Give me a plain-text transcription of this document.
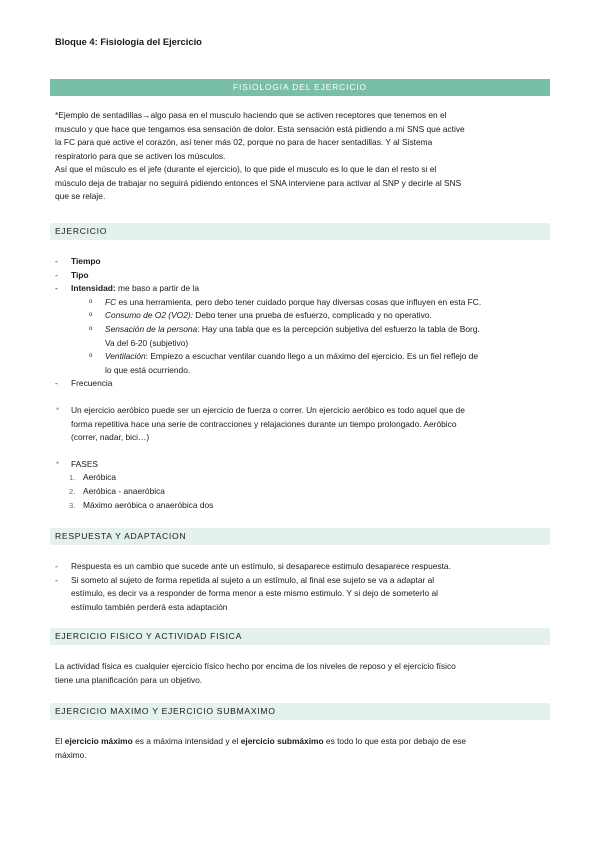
Bloque 4: Fisiología del Ejercicio
FISIOLOGIA DEL EJERCICIO

*Ejemplo de sentadillas→algo pasa en el musculo haciendo que se activen receptores que tenemos en el

musculo y que hace que tengamos esa sensación de dolor. Esta sensación está pidiendo a mi SNS que active

la FC para que active el corazón, así tener más 02, porque no para de hacer sentadillas. Y al Sistema

respiratorio para que se activen los músculos.

Así que el músculo es el jefe (durante el ejercicio), lo que pide el musculo es lo que le dan el resto si el

músculo deja de trabajar no seguirá pidiendo entonces el SNA interviene para activar al SNP y decirle al SNS

que se relaje.

EJERCICIO
- Tiempo
- Tipo
- Intensidad: me baso a partir de la
o FC es una herramienta, pero debo tener cuidado porque hay diversas cosas que influyen en esta FC.
o Consumo de O2 (VO2): Debo tener una prueba de esfuerzo, complicado y no operativo.
o Sensación de la persona: Hay una tabla que es la percepción subjetiva del esfuerzo la tabla de Borg.
Va del 6-20 (subjetivo)
o Ventilación: Empiezo a escuchar ventilar cuando llego a un máximo del ejercicio. Es un fiel reflejo de
lo que está ocurriendo.
- Frecuencia
• Un ejercicio aeróbico puede ser un ejercicio de fuerza o correr. Un ejercicio aeróbico es todo aquel que de
forma repetitiva hace una serie de contracciones y relajaciones durante un tiempo prolongado. Aeróbico
(correr, nadar, bici…)
• FASES
1. Aeróbica
2. Aeróbica - anaeróbica
3. Máximo aeróbica o anaeróbica dos
RESPUESTA Y ADAPTACION
- Respuesta es un cambio que sucede ante un estímulo, si desaparece estimulo desaparece respuesta.
- Si someto al sujeto de forma repetida al sujeto a un estímulo, al final ese sujeto se va a adaptar al
estímulo, es decir va a responder de forma menor a este mismo estimulo. Y si dejo de someterlo al
estímulo también perderá esta adaptación
EJERCICIO FISICO Y ACTIVIDAD FISICA

La actividad física es cualquier ejercicio físico hecho por encima de los niveles de reposo y el ejercicio físico

tiene una planificación para un objetivo.

EJERCICIO MAXIMO Y EJERCICIO SUBMAXIMO

El ejercicio máximo es a máxima intensidad y el ejercicio submáximo es todo lo que esta por debajo de ese

máximo.
